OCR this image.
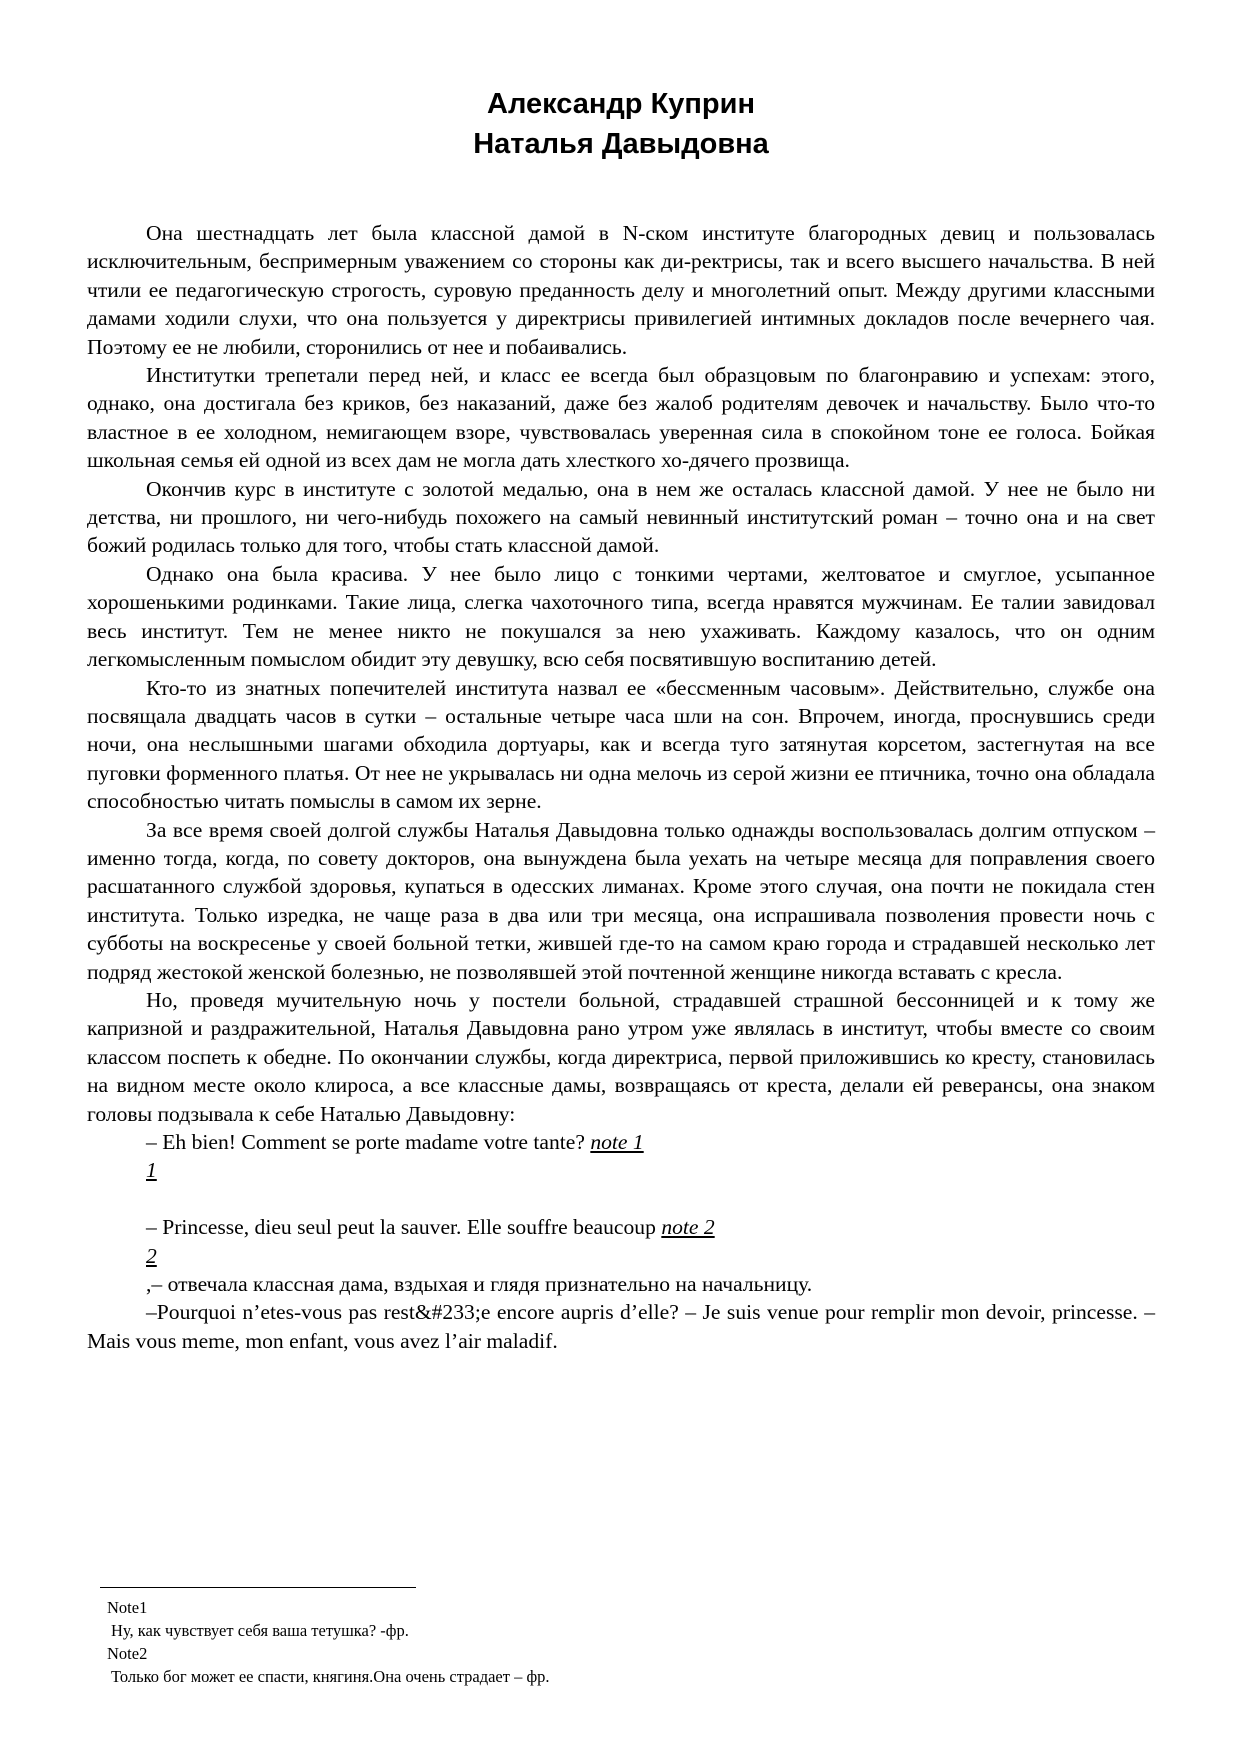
Александр Куприн
Наталья Давыдовна

Она шестнадцать лет была классной дамой в N-ском институте благородных девиц и пользовалась исключительным, беспримерным уважением со стороны как ди-ректрисы, так и всего высшего начальства. В ней чтили ее педагогическую строгость, суровую преданность делу и многолетний опыт. Между другими классными дамами ходили слухи, что она пользуется у директрисы привилегией интимных докладов после вечернего чая. Поэтому ее не любили, сторонились от нее и побаивались.

Институтки трепетали перед ней, и класс ее всегда был образцовым по благонравию и успехам: этого, однако, она достигала без криков, без наказаний, даже без жалоб родителям девочек и начальству. Было что-то властное в ее холодном, немигающем взоре, чувствовалась уверенная сила в спокойном тоне ее голоса. Бойкая школьная семья ей одной из всех дам не могла дать хлесткого хо-дячего прозвища.

Окончив курс в институте с золотой медалью, она в нем же осталась классной дамой. У нее не было ни детства, ни прошлого, ни чего-нибудь похожего на самый невинный институтский роман – точно она и на свет божий родилась только для того, чтобы стать классной дамой.

Однако она была красива. У нее было лицо с тонкими чертами, желтоватое и смуглое, усыпанное хорошенькими родинками. Такие лица, слегка чахоточного типа, всегда нравятся мужчинам. Ее талии завидовал весь институт. Тем не менее никто не покушался за нею ухаживать. Каждому казалось, что он одним легкомысленным помыслом обидит эту девушку, всю себя посвятившую воспитанию детей.

Кто-то из знатных попечителей института назвал ее «бессменным часовым». Действительно, службе она посвящала двадцать часов в сутки – остальные четыре часа шли на сон. Впрочем, иногда, проснувшись среди ночи, она неслышными шагами обходила дортуары, как и всегда туго затянутая корсетом, застегнутая на все пуговки форменного платья. От нее не укрывалась ни одна мелочь из серой жизни ее птичника, точно она обладала способностью читать помыслы в самом их зерне.

За все время своей долгой службы Наталья Давыдовна только однажды воспользовалась долгим отпуском – именно тогда, когда, по совету докторов, она вынуждена была уехать на четыре месяца для поправления своего расшатанного службой здоровья, купаться в одесских лиманах. Кроме этого случая, она почти не покидала стен института. Только изредка, не чаще раза в два или три месяца, она испрашивала позволения провести ночь с субботы на воскресенье у своей больной тетки, жившей где-то на самом краю города и страдавшей несколько лет подряд жестокой женской болезнью, не позволявшей этой почтенной женщине никогда вставать с кресла.

Но, проведя мучительную ночь у постели больной, страдавшей страшной бессонницей и к тому же капризной и раздражительной, Наталья Давыдовна рано утром уже являлась в институт, чтобы вместе со своим классом поспеть к обедне. По окончании службы, когда директриса, первой приложившись ко кресту, становилась на видном месте около клироса, а все классные дамы, возвращаясь от креста, делали ей реверансы, она знаком головы подзывала к себе Наталью Давыдовну:

– Eh bien! Comment se porte madame votre tante? note 1

1

– Princesse, dieu seul peut la sauver. Elle souffre beaucoup note 2

2

,– отвечала классная дама, вздыхая и глядя признательно на начальницу.

–Pourquoi n’etes-vous pas rest&#233;e encore auprіs d’elle? – Je suis venue pour remplir mon devoir, princesse. – Mais vous meme, mon enfant, vous avez l’air maladif.

Note1
Ну, как чувствует себя ваша тетушка? -фр.
Note2
Только бог может ее спасти, княгиня.Она очень страдает – фр.
